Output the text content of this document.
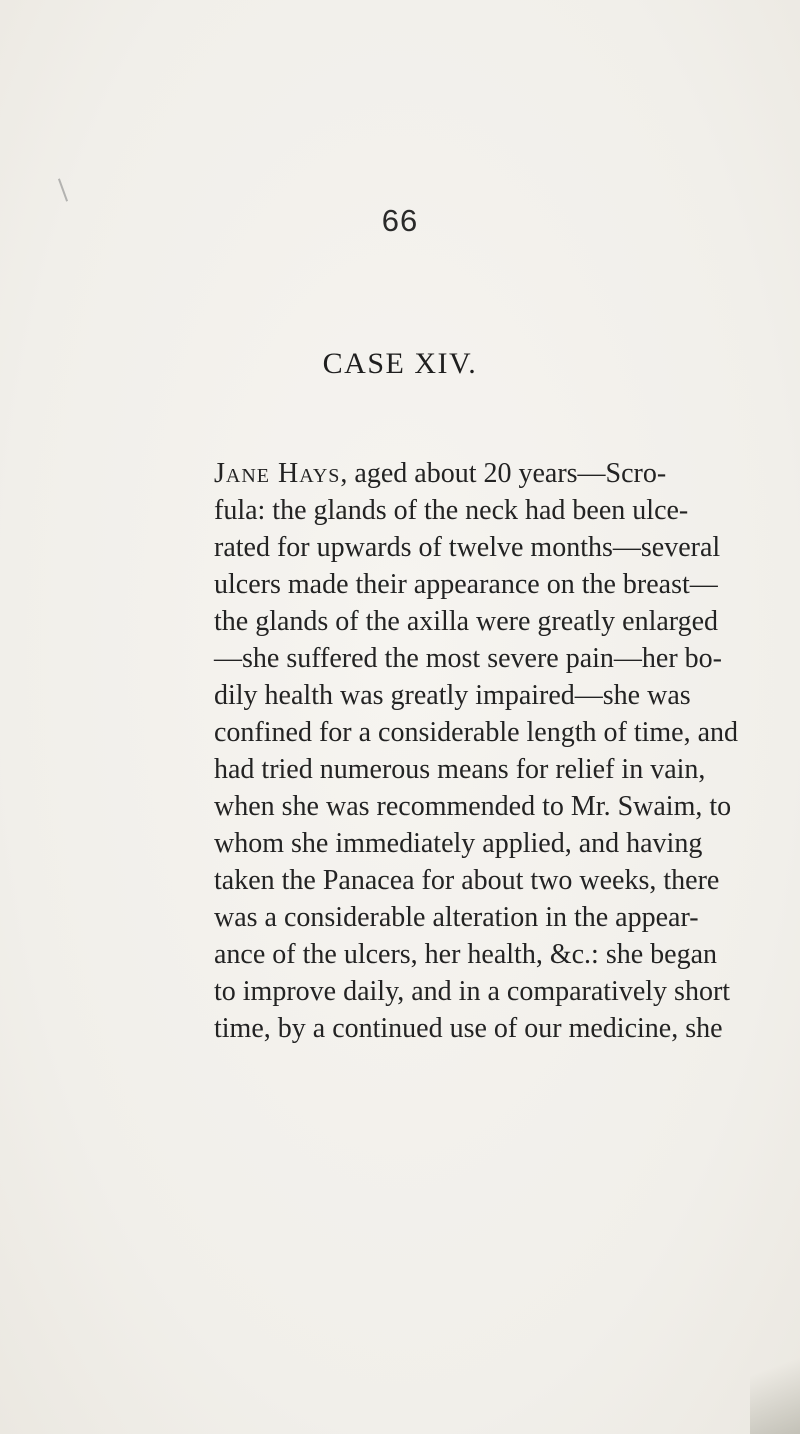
66
CASE XIV.
Jane Hays, aged about 20 years—Scro-
fula: the glands of the neck had been ulce-
rated for upwards of twelve months—several
ulcers made their appearance on the breast—
the glands of the axilla were greatly enlarged
—she suffered the most severe pain—her bo-
dily health was greatly impaired—she was
confined for a considerable length of time, and
had tried numerous means for relief in vain,
when she was recommended to Mr. Swaim, to
whom she immediately applied, and having
taken the Panacea for about two weeks, there
was a considerable alteration in the appear-
ance of the ulcers, her health, &c.: she began
to improve daily, and in a comparatively short
time, by a continued use of our medicine, she
